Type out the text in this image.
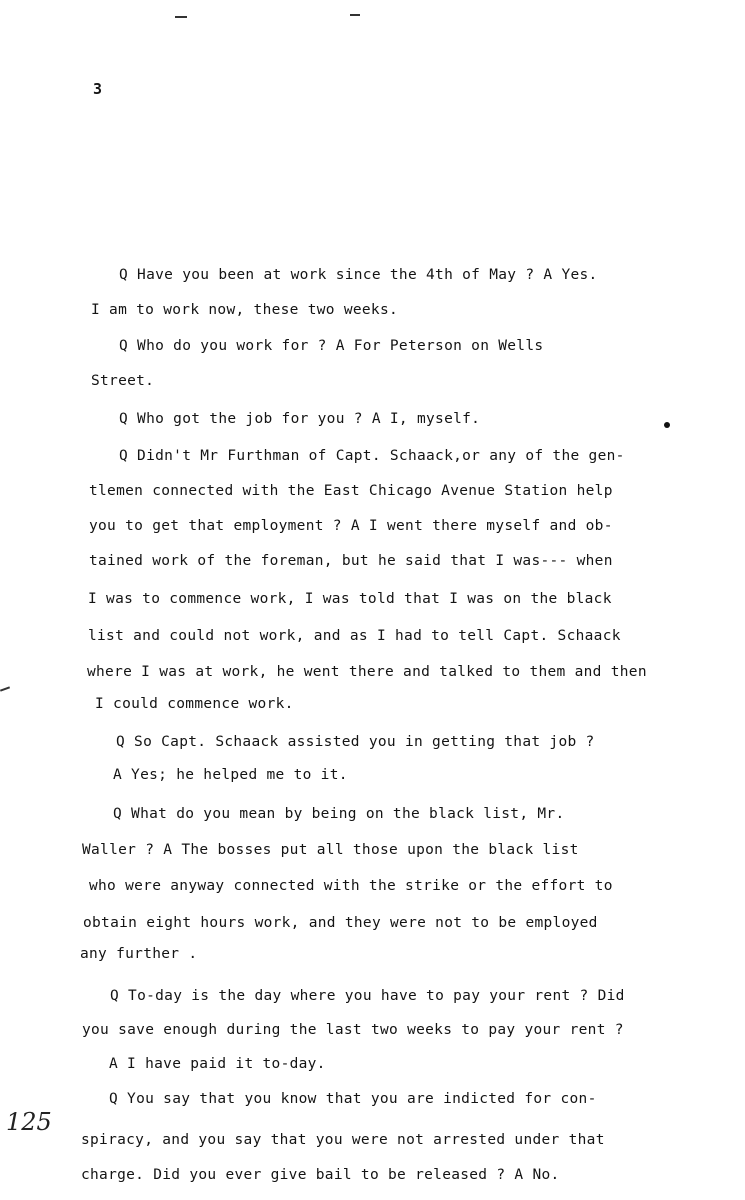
3
Q Have you been at work since the 4th of May ? A Yes.
I am to work now, these two weeks.
Q Who do you work for ? A For Peterson on Wells
Street.
Q Who got the job for you ? A I, myself.
Q Didn't Mr Furthman of Capt. Schaack,or any of the gen-
tlemen connected with the East Chicago Avenue Station help
you to get that employment ? A I went there myself and ob-
tained work of the foreman, but he said that I was--- when
I was to commence work, I was told that I was on the black
list and could not work, and as I had to tell Capt. Schaack
where I was at work, he went there and talked to them and then
I could commence work.
Q So Capt. Schaack assisted you in getting that job ?
A Yes; he helped me to it.
Q What do you mean by being on the black list, Mr.
Waller ? A The bosses put all those upon the black list
who were anyway connected with the strike or the effort to
obtain eight hours work, and they were not to be employed
any further .
Q To-day is the day where you have to pay your rent ? Did
you save enough during the last two weeks to pay your rent ?
A I have paid it to-day.
Q You say that you know that you are indicted for con-
spiracy, and you say that you were not arrested under that
charge. Did you ever give bail to be released ? A No.
125
